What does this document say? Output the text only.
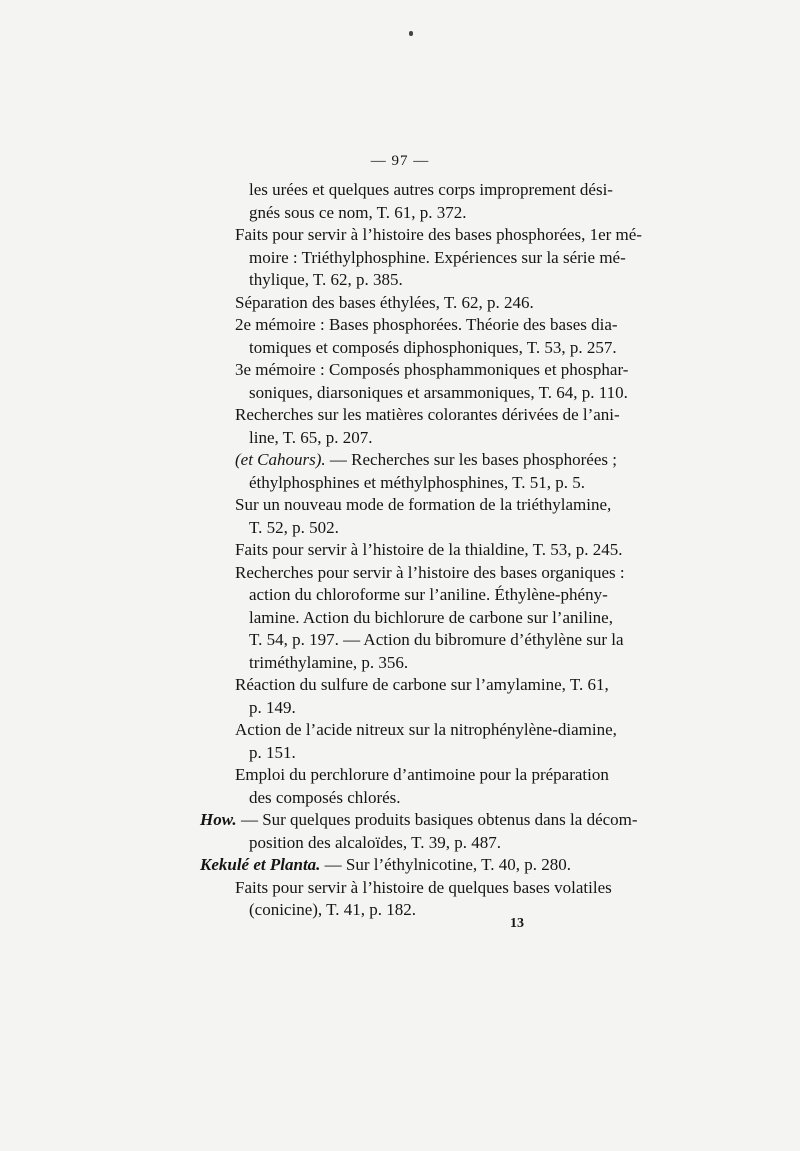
— 97 —
les urées et quelques autres corps improprement dési-
gnés sous ce nom, T. 61, p. 372.
Faits pour servir à l’histoire des bases phosphorées, 1er mé-
moire : Triéthylphosphine. Expériences sur la série mé-
thylique, T. 62, p. 385.
Séparation des bases éthylées, T. 62, p. 246.
2e mémoire : Bases phosphorées. Théorie des bases dia-
tomiques et composés diphosphoniques, T. 53, p. 257.
3e mémoire : Composés phosphammoniques et phosphar-
soniques, diarsoniques et arsammoniques, T. 64, p. 110.
Recherches sur les matières colorantes dérivées de l’ani-
line, T. 65, p. 207.
(et Cahours). — Recherches sur les bases phosphorées ;
éthylphosphines et méthylphosphines, T. 51, p. 5.
Sur un nouveau mode de formation de la triéthylamine,
T. 52, p. 502.
Faits pour servir à l’histoire de la thialdine, T. 53, p. 245.
Recherches pour servir à l’histoire des bases organiques :
action du chloroforme sur l’aniline. Éthylène-phény-
lamine. Action du bichlorure de carbone sur l’aniline,
T. 54, p. 197. — Action du bibromure d’éthylène sur la
triméthylamine, p. 356.
Réaction du sulfure de carbone sur l’amylamine, T. 61,
p. 149.
Action de l’acide nitreux sur la nitrophénylène-diamine,
p. 151.
Emploi du perchlorure d’antimoine pour la préparation
des composés chlorés.
How. — Sur quelques produits basiques obtenus dans la décom-
position des alcaloïdes, T. 39, p. 487.
Kekulé et Planta. — Sur l’éthylnicotine, T. 40, p. 280.
Faits pour servir à l’histoire de quelques bases volatiles
(conicine), T. 41, p. 182.
13
